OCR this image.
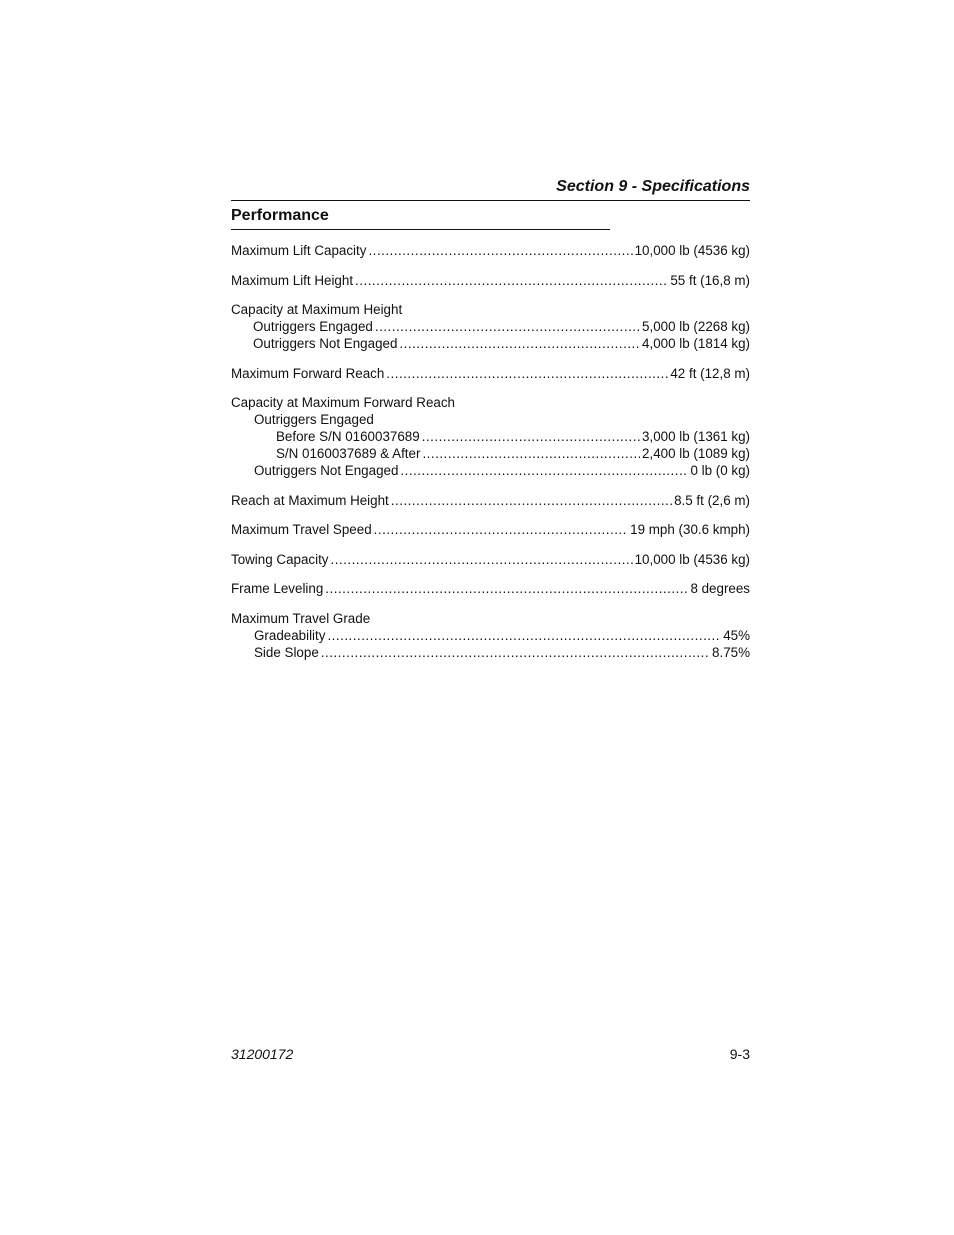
Section 9 - Specifications
Performance
Maximum Lift Capacity .....	10,000 lb (4536 kg)
Maximum Lift Height .....	55 ft (16,8 m)
Capacity at Maximum Height
Outriggers Engaged .....	5,000 lb (2268 kg)
Outriggers Not Engaged .....	4,000 lb (1814 kg)
Maximum Forward Reach .....	42 ft (12,8 m)
Capacity at Maximum Forward Reach
Outriggers Engaged
Before S/N 0160037689 .....	3,000 lb (1361 kg)
S/N 0160037689 & After .....	2,400 lb (1089 kg)
Outriggers Not Engaged .....	0 lb (0 kg)
Reach at Maximum Height .....	8.5 ft (2,6 m)
Maximum Travel Speed .....	19 mph (30.6 kmph)
Towing Capacity .....	10,000 lb (4536 kg)
Frame Leveling .....	8 degrees
Maximum Travel Grade
Gradeability .....	45%
Side Slope .....	8.75%
31200172	9-3
